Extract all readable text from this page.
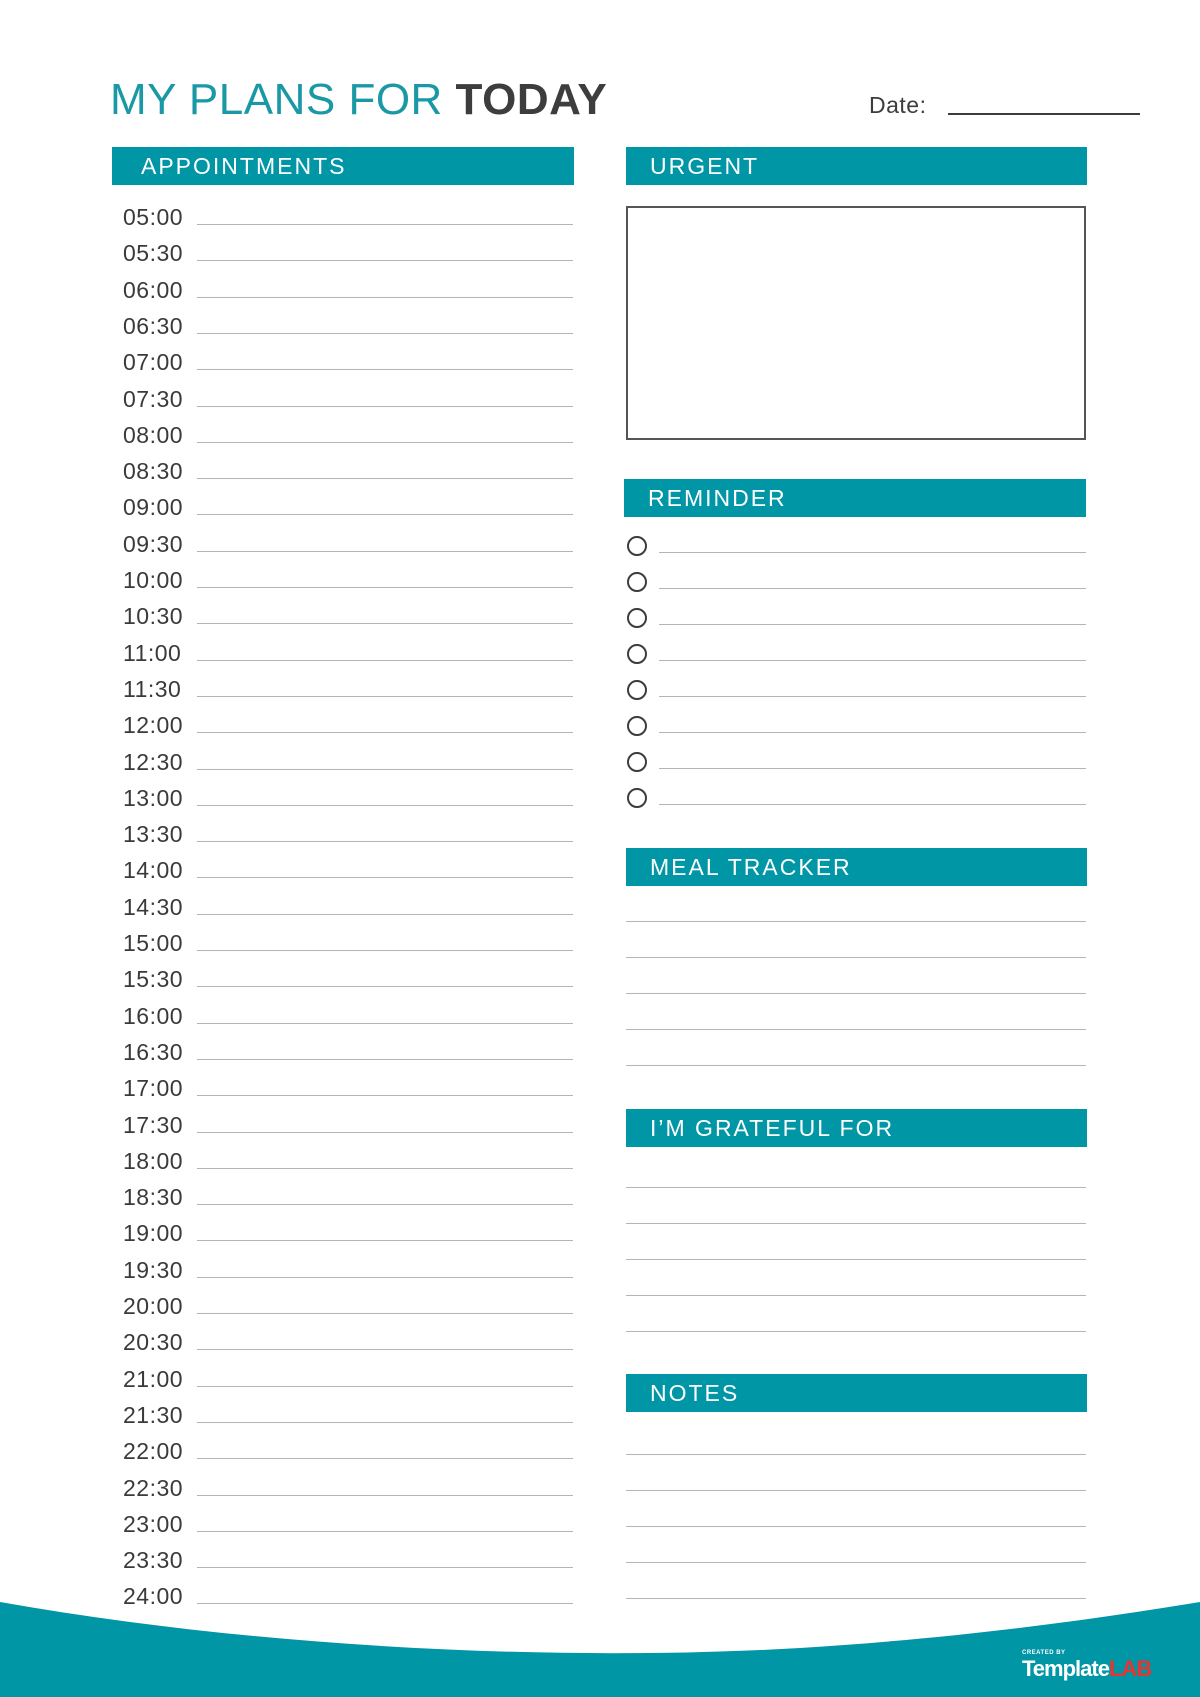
MY PLANS FOR TODAY	Date:
APPOINTMENTS
05:00
05:30
06:00
06:30
07:00
07:30
08:00
08:30
09:00
09:30
10:00
10:30
11:00
11:30
12:00
12:30
13:00
13:30
14:00
14:30
15:00
15:30
16:00
16:30
17:00
17:30
18:00
18:30
19:00
19:30
20:00
20:30
21:00
21:30
22:00
22:30
23:00
23:30
24:00
URGENT
REMINDER
MEAL TRACKER
I’M GRATEFUL FOR
NOTES
CREATED BY
TemplateLAB
